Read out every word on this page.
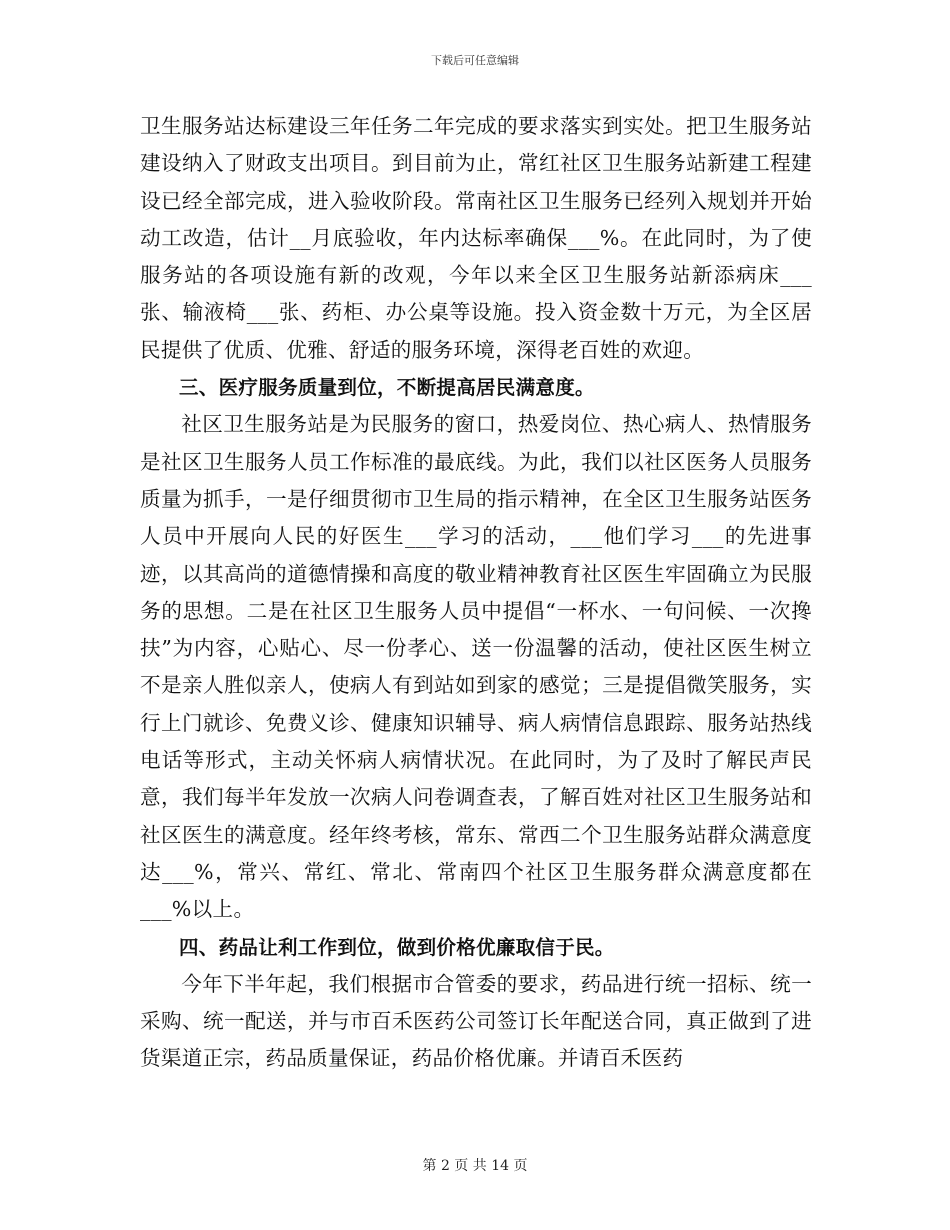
下载后可任意编辑

卫生服务站达标建设三年任务二年完成的要求落实到实处。把卫生服务站建设纳入了财政支出项目。到目前为止，常红社区卫生服务站新建工程建设已经全部完成，进入验收阶段。常南社区卫生服务已经列入规划并开始动工改造，估计__月底验收，年内达标率确保___%。在此同时，为了使服务站的各项设施有新的改观，今年以来全区卫生服务站新添病床___张、输液椅___张、药柜、办公桌等设施。投入资金数十万元，为全区居民提供了优质、优雅、舒适的服务环境，深得老百姓的欢迎。

三、医疗服务质量到位，不断提高居民满意度。

社区卫生服务站是为民服务的窗口，热爱岗位、热心病人、热情服务是社区卫生服务人员工作标准的最底线。为此，我们以社区医务人员服务质量为抓手，一是仔细贯彻市卫生局的指示精神，在全区卫生服务站医务人员中开展向人民的好医生___学习的活动，___他们学习___的先进事迹，以其高尚的道德情操和高度的敬业精神教育社区医生牢固确立为民服务的思想。二是在社区卫生服务人员中提倡“一杯水、一句问候、一次搀扶”为内容，心贴心、尽一份孝心、送一份温馨的活动，使社区医生树立不是亲人胜似亲人，使病人有到站如到家的感觉；三是提倡微笑服务，实行上门就诊、免费义诊、健康知识辅导、病人病情信息跟踪、服务站热线电话等形式，主动关怀病人病情状况。在此同时，为了及时了解民声民意，我们每半年发放一次病人问卷调查表，了解百姓对社区卫生服务站和社区医生的满意度。经年终考核，常东、常西二个卫生服务站群众满意度达___%，常兴、常红、常北、常南四个社区卫生服务群众满意度都在___%以上。

四、药品让利工作到位，做到价格优廉取信于民。

今年下半年起，我们根据市合管委的要求，药品进行统一招标、统一采购、统一配送，并与市百禾医药公司签订长年配送合同，真正做到了进货渠道正宗，药品质量保证，药品价格优廉。并请百禾医药

第 2 页 共 14 页
